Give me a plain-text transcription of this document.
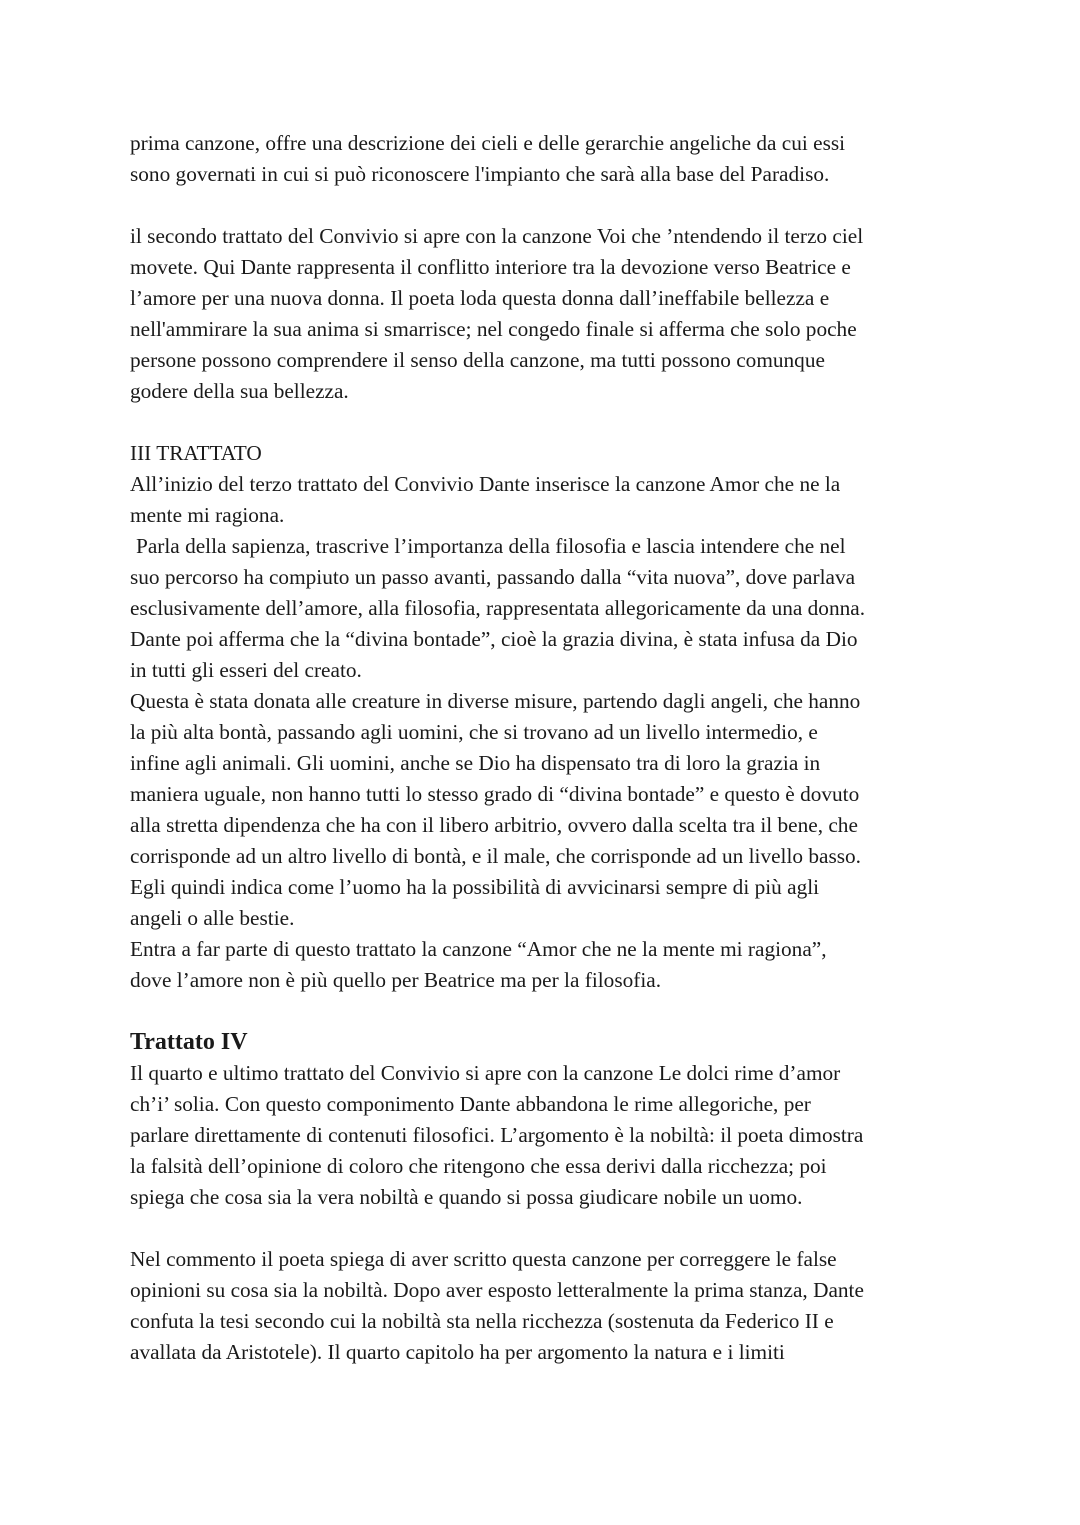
prima canzone, offre una descrizione dei cieli e delle gerarchie angeliche da cui essi

sono governati in cui si può riconoscere l'impianto che sarà alla base del Paradiso.

il secondo trattato del Convivio si apre con la canzone Voi che ’ntendendo il terzo ciel

movete. Qui Dante rappresenta il conflitto interiore tra la devozione verso Beatrice e

l’amore per una nuova donna. Il poeta loda questa donna dall’ineffabile bellezza e

nell'ammirare la sua anima si smarrisce; nel congedo finale si afferma che solo poche

persone possono comprendere il senso della canzone, ma tutti possono comunque

godere della sua bellezza.

III TRATTATO

All’inizio del terzo trattato del Convivio Dante inserisce la canzone Amor che ne la

mente mi ragiona.

Parla della sapienza, trascrive l’importanza della filosofia e lascia intendere che nel

suo percorso ha compiuto un passo avanti, passando dalla “vita nuova”, dove parlava

esclusivamente dell’amore, alla filosofia, rappresentata allegoricamente da una donna.

Dante poi afferma che la “divina bontade”, cioè la grazia divina, è stata infusa da Dio

in tutti gli esseri del creato.

Questa è stata donata alle creature in diverse misure, partendo dagli angeli, che hanno

la più alta bontà, passando agli uomini, che si trovano ad un livello intermedio, e

infine agli animali. Gli uomini, anche se Dio ha dispensato tra di loro la grazia in

maniera uguale, non hanno tutti lo stesso grado di “divina bontade” e questo è dovuto

alla stretta dipendenza che ha con il libero arbitrio, ovvero dalla scelta tra il bene, che

corrisponde ad un altro livello di bontà, e il male, che corrisponde ad un livello basso.

Egli quindi indica come l’uomo ha la possibilità di avvicinarsi sempre di più agli

angeli o alle bestie.

Entra a far parte di questo trattato la canzone “Amor che ne la mente mi ragiona”,

dove l’amore non è più quello per Beatrice ma per la filosofia.

Trattato IV

Il quarto e ultimo trattato del Convivio si apre con la canzone Le dolci rime d’amor

ch’i’ solia. Con questo componimento Dante abbandona le rime allegoriche, per

parlare direttamente di contenuti filosofici. L’argomento è la nobiltà: il poeta dimostra

la falsità dell’opinione di coloro che ritengono che essa derivi dalla ricchezza; poi

spiega che cosa sia la vera nobiltà e quando si possa giudicare nobile un uomo.

Nel commento il poeta spiega di aver scritto questa canzone per correggere le false

opinioni su cosa sia la nobiltà. Dopo aver esposto letteralmente la prima stanza, Dante

confuta la tesi secondo cui la nobiltà sta nella ricchezza (sostenuta da Federico II e

avallata da Aristotele). Il quarto capitolo ha per argomento la natura e i limiti
